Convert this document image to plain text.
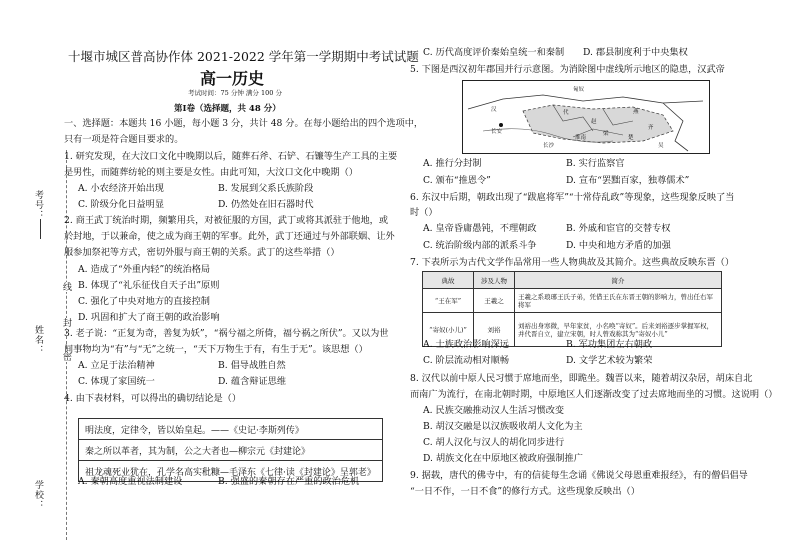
考号：
线
封
姓名：
密
学校：
十堰市城区普高协作体 2021-2022 学年第一学期期中考试试题
高一历史
考试时间：75 分钟 满分 100 分
第Ⅰ卷（选择题，共 48 分）
一、选择题：本题共 16 小题，每小题 3 分，共计 48 分。在每小题给出的四个选项中，
只有一项是符合题目要求的。
1. 研究发现，在大汶口文化中晚期以后，随葬石斧、石铲、石镰等生产工具的主要
是男性，而随葬纺轮的则主要是女性。由此可知，大汶口文化中晚期（）
A. 小农经济开始出现	B. 发展到父系氏族阶段
C. 阶级分化日益明显	D. 仍然处在旧石器时代
2. 商王武丁统治时期，频繁用兵，对被征服的方国，武丁或将其派驻于他地，或
於封地，于以兼命，使之成为商王朝的军事。此外，武丁还通过与外部联姻、让外
服参加祭祀等方式，密切外服与商王朝的关系。武丁的这些举措（）
A. 造成了“外重内轻”的统治格局
B. 体现了“礼乐征伐自天子出”原则
C. 强化了中央对地方的直接控制
D. 巩固和扩大了商王朝的政治影响
3. 老子说：“正复为奇，善复为妖”，“祸兮福之所倚，福兮祸之所伏”。又以为世
间事物均为“有”与“无”之统一，“天下万物生于有，有生于无”。该思想（）
A. 立足于法治精神	B. 倡导战胜自然
C. 体现了家国统一	D. 蕴含辩证思维
4. 由下表材料，可以得出的确切结论是（）
明法度，定律令，皆以始皇起。——《史记·李斯列传》
秦之所以革者，其为制，公之大者也—柳宗元《封建论》
祖龙魂死业犹在，孔学名高实秕糠—毛泽东《七律·读《封建论》呈郭老》
A. 秦朝高度重视法制建设	B. 强盛的秦朝存在严重的政治危机
C. 历代高度评价秦始皇统一和秦制 D. 郡县制度利于中央集权
5. 下图是西汉初年郡国并行示意图。为消除图中虚线所示地区的隐患，汉武帝
匈奴
汉	燕
代
赵
齐
梁
楚
淮南
吴
长沙
长安
A. 推行分封制	B. 实行监察官
C. 颁布“推恩令”	D. 宣布“罢黜百家，独尊儒术”
6. 东汉中后期，朝政出现了“跋扈将军”“十常侍乱政”等现象，这些现象反映了当
时（）
A. 皇帝昏庸愚钝，不理朝政	B. 外戚和宦官的交替专权
C. 统治阶级内部的派系斗争	D. 中央和地方矛盾的加强
7. 下表所示为古代文学作品常用一些人物典故及其简介。这些典故反映东晋（）
典故	涉及人物	简介
“王在军”	王羲之	王羲之系琅琊王氏子弟，凭借王氏在东晋王朝的影响力，曾出任右军将军
“寄奴(小儿)”	刘裕	刘裕出身寒微，早年家贫，小名唤“寄奴”。后来刘裕逐步掌握军权，并代晋自立，建立宋朝，时人曾戏称其为“寄奴小儿”
A. 士族政治影响深远	B. 军功集团左右朝政
C. 阶层流动相对顺畅	D. 文学艺术较为繁荣
8. 汉代以前中原人民习惯于席地而坐，即跪坐。魏晋以来，随着胡汉杂居，胡床自北
而南广为流行，在南北朝时期，中原地区人们逐渐改变了过去席地而坐的习惯。这说明（）
A. 民族交融推动汉人生活习惯改变
B. 胡汉交融是以汉族吸收胡人文化为主
C. 胡人汉化与汉人的胡化同步进行
D. 胡族文化在中原地区被政府强制推广
9. 据载，唐代的佛寺中，有的信徒每生念诵《佛说父母恩重难报经》，有的僧侣倡导
“一日不作，一日不食”的修行方式。这些现象反映出（）
